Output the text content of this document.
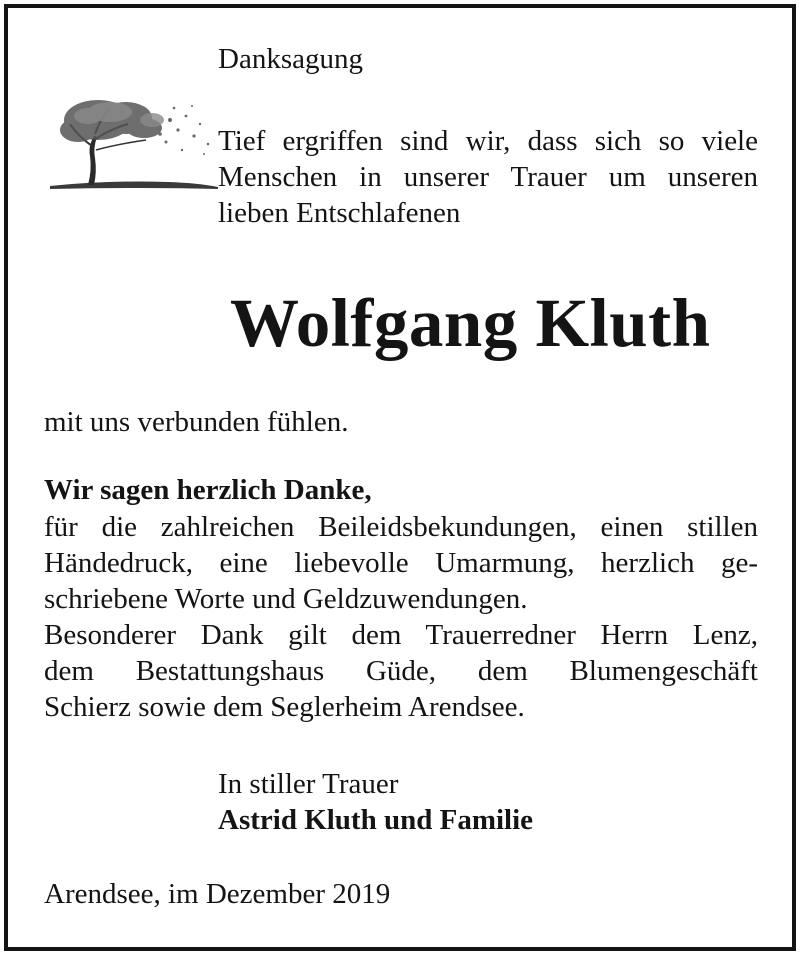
Danksagung

Tief ergriffen sind wir, dass sich so viele

Menschen in unserer Trauer um unseren

lieben Entschlafenen

Wolfgang Kluth

mit uns verbunden fühlen.

Wir sagen herzlich Danke,

für die zahlreichen Beileidsbekundungen, einen stillen

Händedruck, eine liebevolle Umarmung, herzlich ge-

schriebene Worte und Geldzuwendungen.

Besonderer Dank gilt dem Trauerredner Herrn Lenz,

dem Bestattungshaus Güde, dem Blumengeschäft

Schierz sowie dem Seglerheim Arendsee.

In stiller Trauer

Astrid Kluth und Familie

Arendsee, im Dezember 2019
